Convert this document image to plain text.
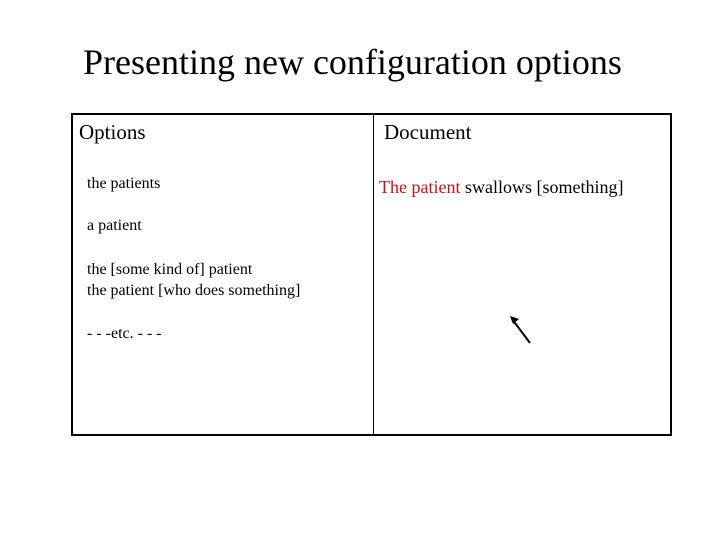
Presenting new configuration options
Options	Document
the patients
a patient
the [some kind of] patient
the patient [who does something]
- - -etc. - - -
The patient swallows [something]
